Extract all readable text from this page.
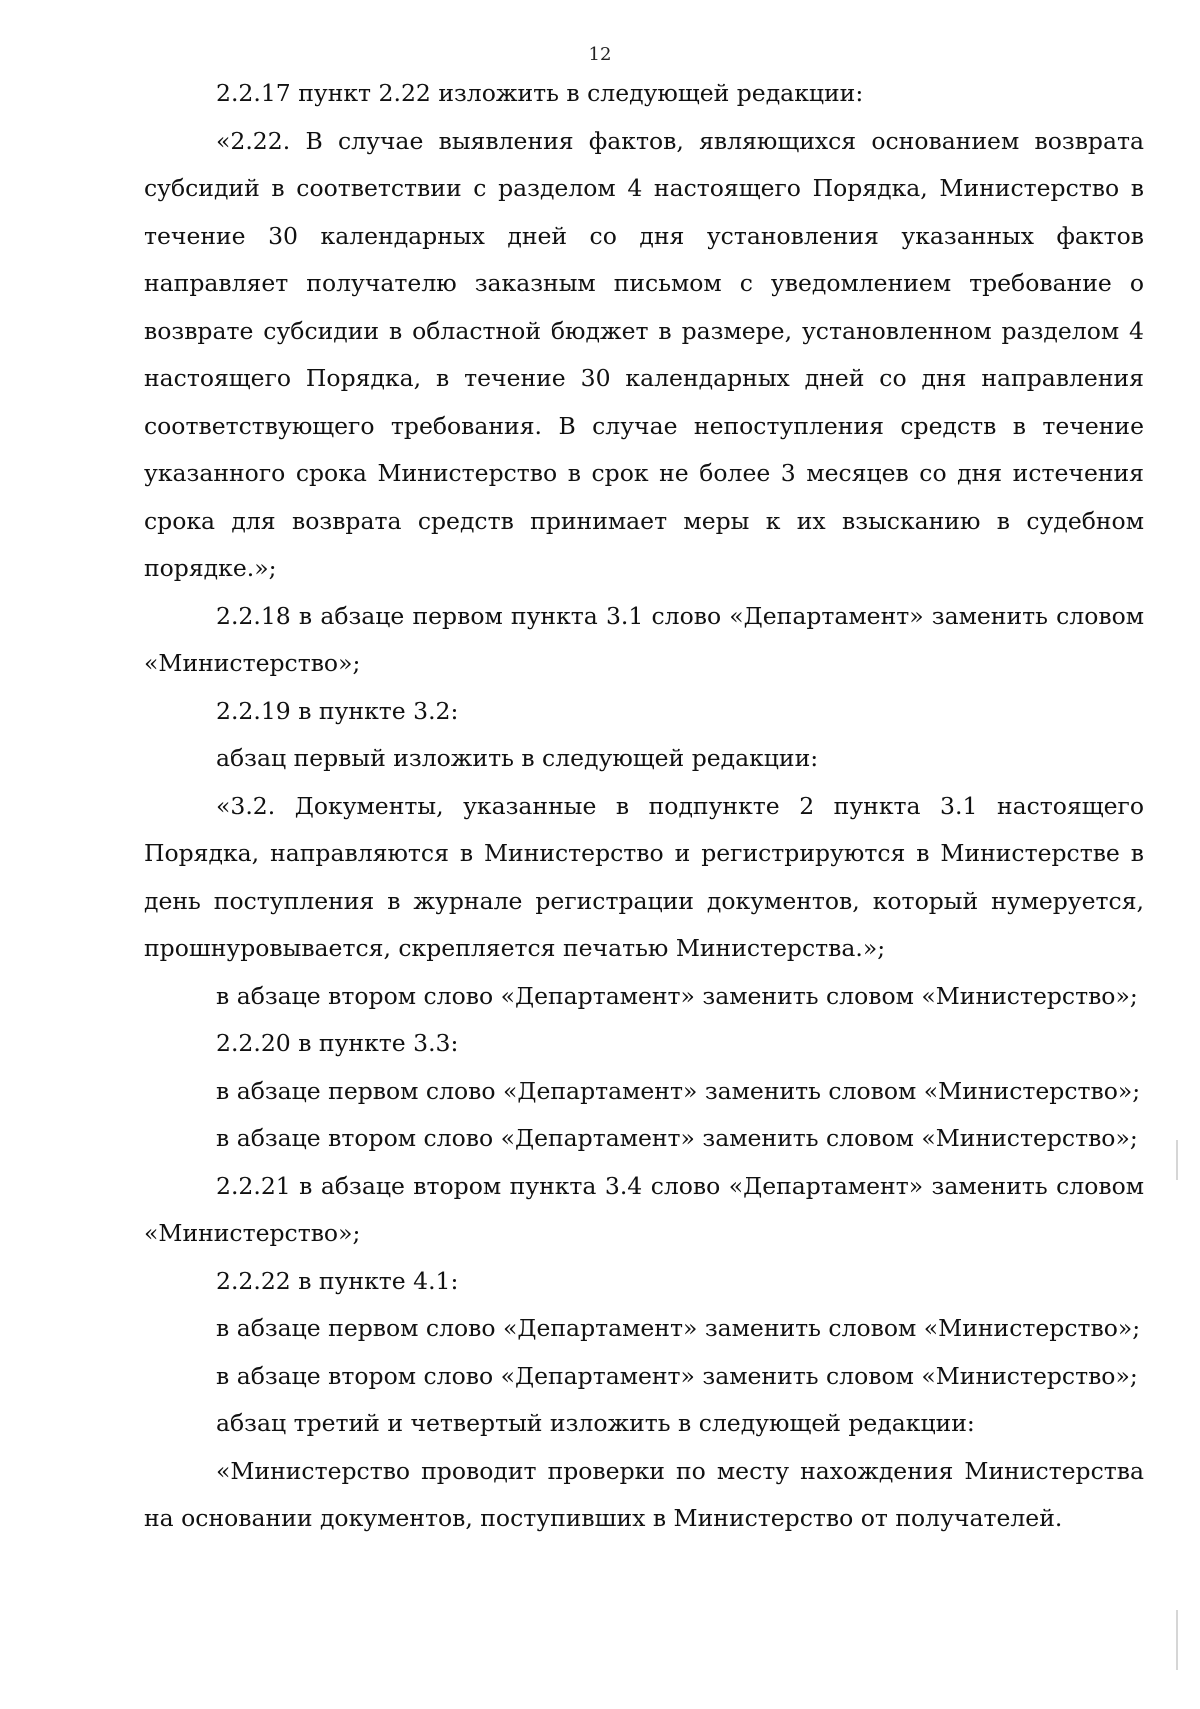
12

2.2.17 пункт 2.22 изложить в следующей редакции:

«2.22. В случае выявления фактов, являющихся основанием возврата субсидий в соответствии с разделом 4 настоящего Порядка, Министерство в течение 30 календарных дней со дня установления указанных фактов направляет получателю заказным письмом с уведомлением требование о возврате субсидии в областной бюджет в размере, установленном разделом 4 настоящего Порядка, в течение 30 календарных дней со дня направления соответствующего требования. В случае непоступления средств в течение указанного срока Министерство в срок не более 3 месяцев со дня истечения срока для возврата средств принимает меры к их взысканию в судебном порядке.»;

2.2.18 в абзаце первом пункта 3.1 слово «Департамент» заменить словом «Министерство»;

2.2.19 в пункте 3.2:

абзац первый изложить в следующей редакции:

«3.2. Документы, указанные в подпункте 2 пункта 3.1 настоящего Порядка, направляются в Министерство и регистрируются в Министерстве в день поступления в журнале регистрации документов, который нумеруется, прошнуровывается, скрепляется печатью Министерства.»;

в абзаце втором слово «Департамент» заменить словом «Министерство»;

2.2.20 в пункте 3.3:

в абзаце первом слово «Департамент» заменить словом «Министерство»;

в абзаце втором слово «Департамент» заменить словом «Министерство»;

2.2.21 в абзаце втором пункта 3.4 слово «Департамент» заменить словом «Министерство»;

2.2.22 в пункте 4.1:

в абзаце первом слово «Департамент» заменить словом «Министерство»;

в абзаце втором слово «Департамент» заменить словом «Министерство»;

абзац третий и четвертый изложить в следующей редакции:

«Министерство проводит проверки по месту нахождения Министерства на основании документов, поступивших в Министерство от получателей.
